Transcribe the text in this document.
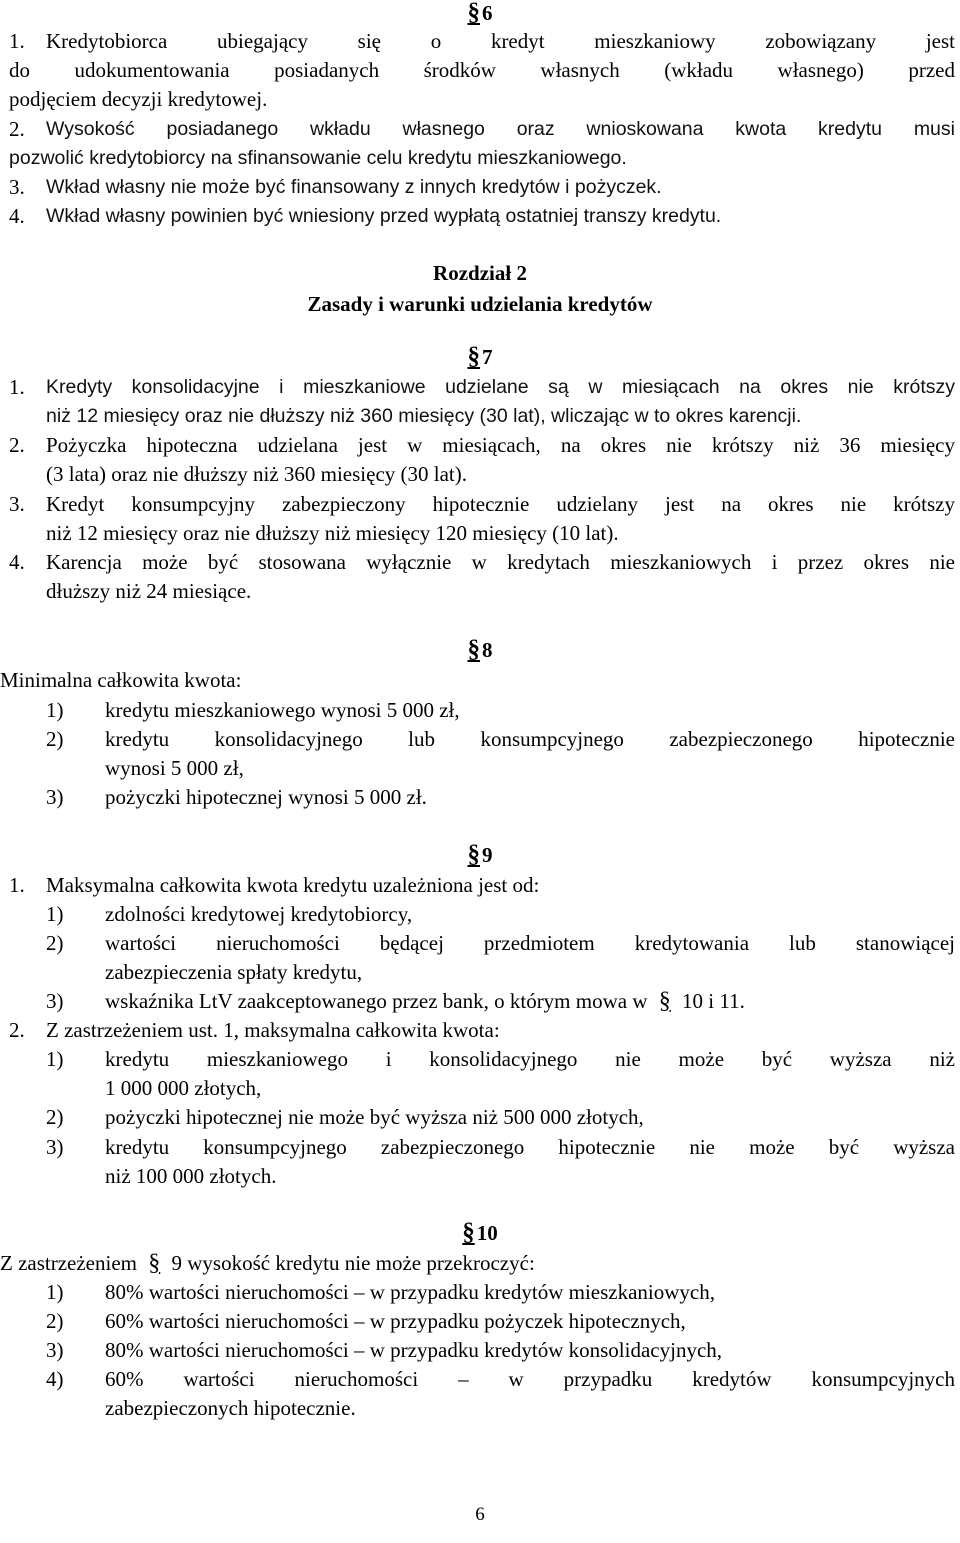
§6
1. Kredytobiorca ubiegający się o kredyt mieszkaniowy zobowiązany jest
do udokumentowania posiadanych środków własnych (wkładu własnego) przed
podjęciem decyzji kredytowej.
2. Wysokość posiadanego wkładu własnego oraz wnioskowana kwota kredytu musi
pozwolić kredytobiorcy na sfinansowanie celu kredytu mieszkaniowego.
3. Wkład własny nie może być finansowany z innych kredytów i pożyczek.
4. Wkład własny powinien być wniesiony przed wypłatą ostatniej transzy kredytu.
Rozdział 2
Zasady i warunki udzielania kredytów
§7
1. Kredyty konsolidacyjne i mieszkaniowe udzielane są w miesiącach na okres nie krótszy
niż 12 miesięcy oraz nie dłuższy niż 360 miesięcy (30 lat), wliczając w to okres karencji.
2. Pożyczka hipoteczna udzielana jest w miesiącach, na okres nie krótszy niż 36 miesięcy
(3 lata) oraz nie dłuższy niż 360 miesięcy (30 lat).
3. Kredyt konsumpcyjny zabezpieczony hipotecznie udzielany jest na okres nie krótszy
niż 12 miesięcy oraz nie dłuższy niż miesięcy 120 miesięcy (10 lat).
4. Karencja może być stosowana wyłącznie w kredytach mieszkaniowych i przez okres nie
dłuższy niż 24 miesiące.
§8
Minimalna całkowita kwota:
1) kredytu mieszkaniowego wynosi 5 000 zł,
2) kredytu konsolidacyjnego lub konsumpcyjnego zabezpieczonego hipotecznie
wynosi 5 000 zł,
3) pożyczki hipotecznej wynosi 5 000 zł.
§9
1. Maksymalna całkowita kwota kredytu uzależniona jest od:
1) zdolności kredytowej kredytobiorcy,
2) wartości nieruchomości będącej przedmiotem kredytowania lub stanowiącej
zabezpieczenia spłaty kredytu,
3) wskaźnika LtV zaakceptowanego przez bank, o którym mowa w § 10 i 11.
2. Z zastrzeżeniem ust. 1, maksymalna całkowita kwota:
1) kredytu mieszkaniowego i konsolidacyjnego nie może być wyższa niż
1 000 000 złotych,
2) pożyczki hipotecznej nie może być wyższa niż 500 000 złotych,
3) kredytu konsumpcyjnego zabezpieczonego hipotecznie nie może być wyższa
niż 100 000 złotych.
§10
Z zastrzeżeniem § 9 wysokość kredytu nie może przekroczyć:
1) 80% wartości nieruchomości – w przypadku kredytów mieszkaniowych,
2) 60% wartości nieruchomości – w przypadku pożyczek hipotecznych,
3) 80% wartości nieruchomości – w przypadku kredytów konsolidacyjnych,
4) 60% wartości nieruchomości – w przypadku kredytów konsumpcyjnych
zabezpieczonych hipotecznie.
6
